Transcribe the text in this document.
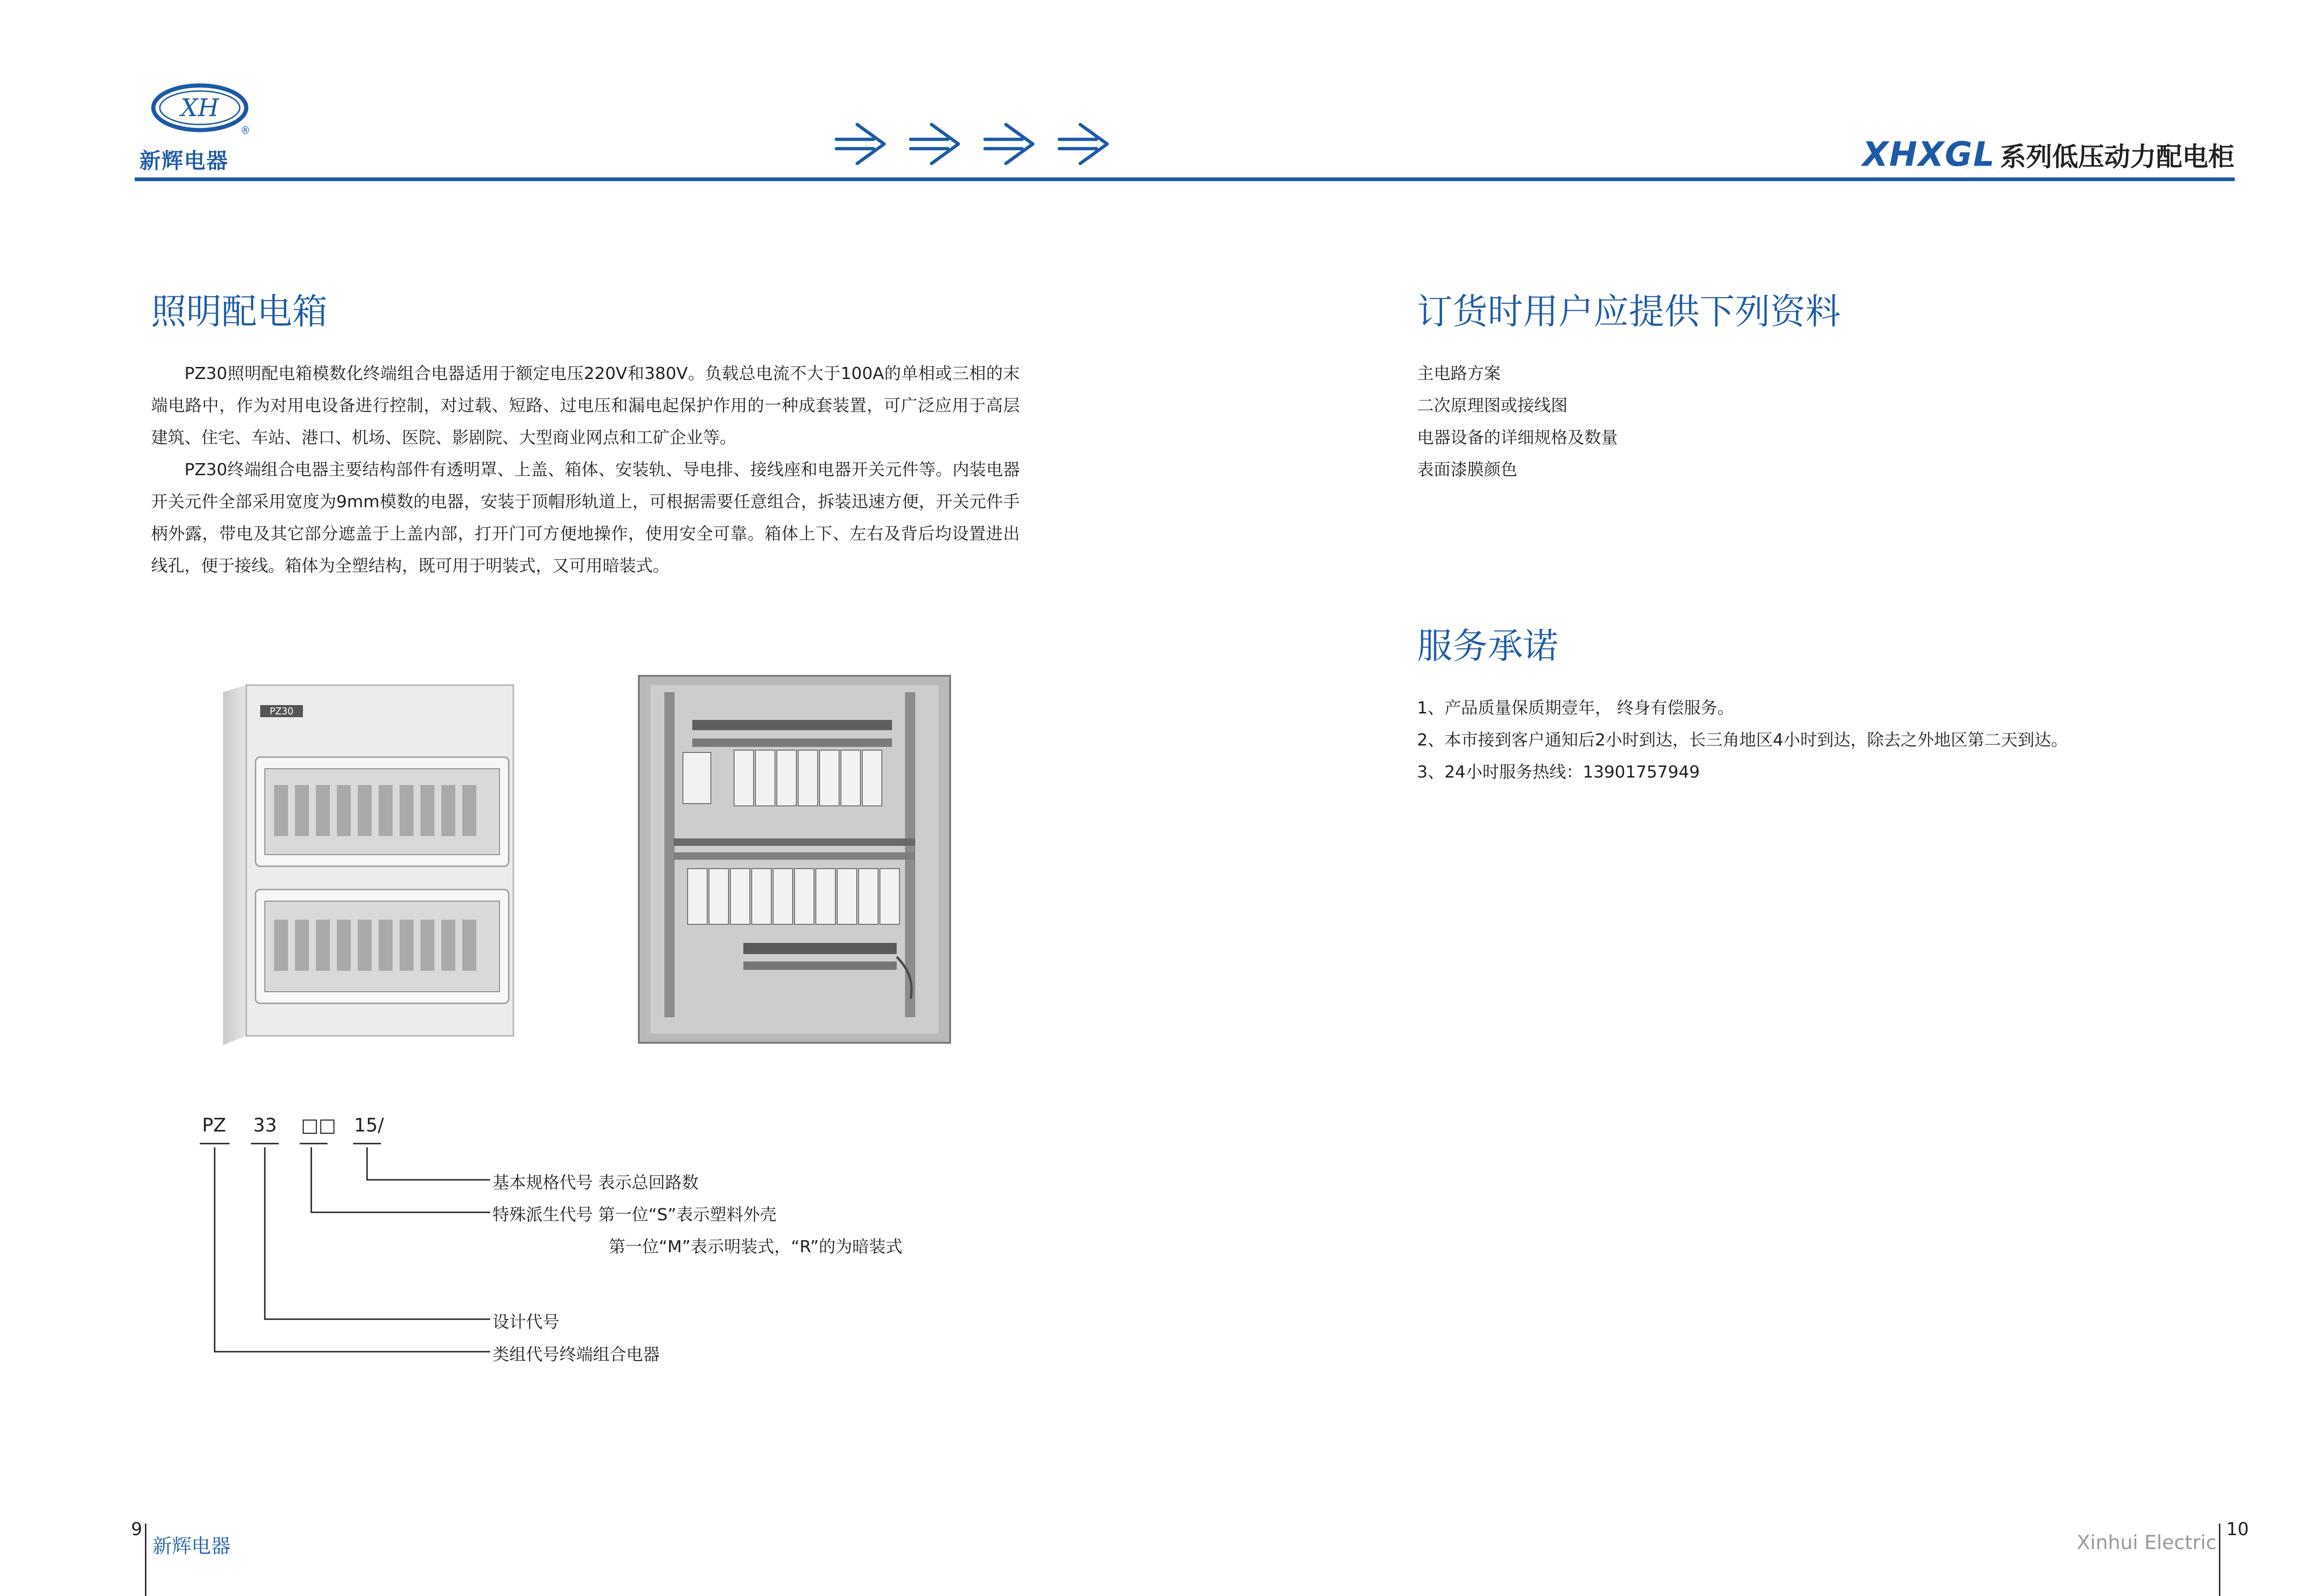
XH
®
新辉电器	XHXGL 系列低压动力配电柜
照明配电箱

PZ30照明配电箱模数化终端组合电器适用于额定电压220V和380V。负载总电流不大于100A的单相或三相的末端电路中，作为对用电设备进行控制，对过载、短路、过电压和漏电起保护作用的一种成套装置，可广泛应用于高层建筑、住宅、车站、港口、机场、医院、影剧院、大型商业网点和工矿企业等。

PZ30终端组合电器主要结构部件有透明罩、上盖、箱体、安装轨、导电排、接线座和电器开关元件等。内装电器开关元件全部采用宽度为9mm模数的电器，安装于顶帽形轨道上，可根据需要任意组合，拆装迅速方便，开关元件手柄外露，带电及其它部分遮盖于上盖内部，打开门可方便地操作，使用安全可靠。箱体上下、左右及背后均设置进出线孔，便于接线。箱体为全塑结构，既可用于明装式，又可用暗装式。

PZ30
PZ 33 □□ 15/
基本规格代号 表示总回路数
特殊派生代号 第一位“S”表示塑料外壳
第一位“M”表示明装式，“R”的为暗装式
设计代号
类组代号终端组合电器
订货时用户应提供下列资料
主电路方案
二次原理图或接线图
电器设备的详细规格及数量
表面漆膜颜色
服务承诺
1、产品质量保质期壹年， 终身有偿服务。
2、本市接到客户通知后2小时到达，长三角地区4小时到达，除去之外地区第二天到达。
3、24小时服务热线：13901757949
9
新辉电器
10
Xinhui Electric
